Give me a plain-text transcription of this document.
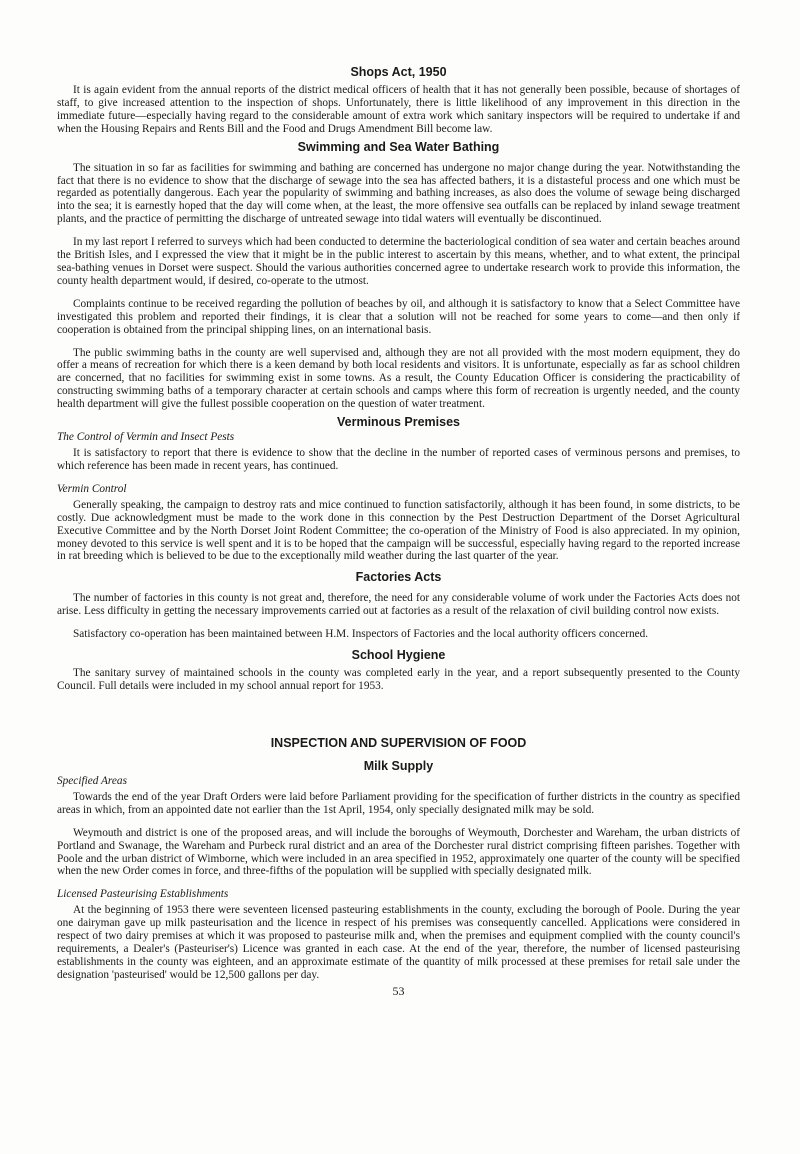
Shops Act, 1950

It is again evident from the annual reports of the district medical officers of health that it has not generally been possible, because of shortages of staff, to give increased attention to the inspection of shops. Unfortunately, there is little likelihood of any improvement in this direction in the immediate future—especially having regard to the considerable amount of extra work which sanitary inspectors will be required to undertake if and when the Housing Repairs and Rents Bill and the Food and Drugs Amendment Bill become law.

Swimming and Sea Water Bathing

The situation in so far as facilities for swimming and bathing are concerned has undergone no major change during the year. Notwithstanding the fact that there is no evidence to show that the discharge of sewage into the sea has affected bathers, it is a distasteful process and one which must be regarded as potentially dangerous. Each year the popularity of swimming and bathing increases, as also does the volume of sewage being discharged into the sea; it is earnestly hoped that the day will come when, at the least, the more offensive sea outfalls can be replaced by inland sewage treatment plants, and the practice of permitting the discharge of untreated sewage into tidal waters will eventually be discontinued.

In my last report I referred to surveys which had been conducted to determine the bacteriological condition of sea water and certain beaches around the British Isles, and I expressed the view that it might be in the public interest to ascertain by this means, whether, and to what extent, the principal sea-bathing venues in Dorset were suspect. Should the various authorities concerned agree to undertake research work to provide this information, the county health department would, if desired, co-operate to the utmost.

Complaints continue to be received regarding the pollution of beaches by oil, and although it is satisfactory to know that a Select Committee have investigated this problem and reported their findings, it is clear that a solution will not be reached for some years to come—and then only if cooperation is obtained from the principal shipping lines, on an international basis.

The public swimming baths in the county are well supervised and, although they are not all provided with the most modern equipment, they do offer a means of recreation for which there is a keen demand by both local residents and visitors. It is unfortunate, especially as far as school children are concerned, that no facilities for swimming exist in some towns. As a result, the County Education Officer is considering the practicability of constructing swimming baths of a temporary character at certain schools and camps where this form of recreation is urgently needed, and the county health department will give the fullest possible cooperation on the question of water treatment.

Verminous Premises
The Control of Vermin and Insect Pests

It is satisfactory to report that there is evidence to show that the decline in the number of reported cases of verminous persons and premises, to which reference has been made in recent years, has continued.

Vermin Control

Generally speaking, the campaign to destroy rats and mice continued to function satisfactorily, although it has been found, in some districts, to be costly. Due acknowledgment must be made to the work done in this connection by the Pest Destruction Department of the Dorset Agricultural Executive Committee and by the North Dorset Joint Rodent Committee; the co-operation of the Ministry of Food is also appreciated. In my opinion, money devoted to this service is well spent and it is to be hoped that the campaign will be successful, especially having regard to the reported increase in rat breeding which is believed to be due to the exceptionally mild weather during the last quarter of the year.

Factories Acts

The number of factories in this county is not great and, therefore, the need for any considerable volume of work under the Factories Acts does not arise. Less difficulty in getting the necessary improvements carried out at factories as a result of the relaxation of civil building control now exists.

Satisfactory co-operation has been maintained between H.M. Inspectors of Factories and the local authority officers concerned.

School Hygiene

The sanitary survey of maintained schools in the county was completed early in the year, and a report subsequently presented to the County Council. Full details were included in my school annual report for 1953.

INSPECTION AND SUPERVISION OF FOOD
Milk Supply
Specified Areas

Towards the end of the year Draft Orders were laid before Parliament providing for the specification of further districts in the country as specified areas in which, from an appointed date not earlier than the 1st April, 1954, only specially designated milk may be sold.

Weymouth and district is one of the proposed areas, and will include the boroughs of Weymouth, Dorchester and Wareham, the urban districts of Portland and Swanage, the Wareham and Purbeck rural district and an area of the Dorchester rural district comprising fifteen parishes. Together with Poole and the urban district of Wimborne, which were included in an area specified in 1952, approximately one quarter of the county will be specified when the new Order comes in force, and three-fifths of the population will be supplied with specially designated milk.

Licensed Pasteurising Establishments

At the beginning of 1953 there were seventeen licensed pasteuring establishments in the county, excluding the borough of Poole. During the year one dairyman gave up milk pasteurisation and the licence in respect of his premises was consequently cancelled. Applications were considered in respect of two dairy premises at which it was proposed to pasteurise milk and, when the premises and equipment complied with the county council's requirements, a Dealer's (Pasteuriser's) Licence was granted in each case. At the end of the year, therefore, the number of licensed pasteurising establishments in the county was eighteen, and an approximate estimate of the quantity of milk processed at these premises for retail sale under the designation 'pasteurised' would be 12,500 gallons per day.

53
